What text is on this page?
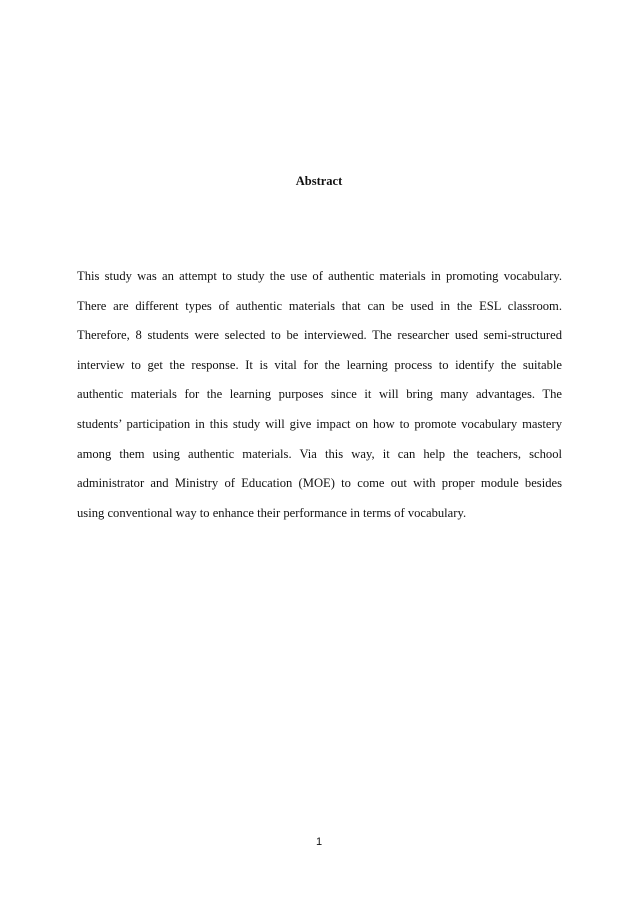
Abstract

This study was an attempt to study the use of authentic materials in promoting vocabulary.
There are different types of authentic materials that can be used in the ESL classroom.
Therefore, 8 students were selected to be interviewed. The researcher used semi-structured
interview to get the response. It is vital for the learning process to identify the suitable
authentic materials for the learning purposes since it will bring many advantages. The
students’ participation in this study will give impact on how to promote vocabulary mastery
among them using authentic materials. Via this way, it can help the teachers, school
administrator and Ministry of Education (MOE) to come out with proper module besides
using conventional way to enhance their performance in terms of vocabulary.

1
